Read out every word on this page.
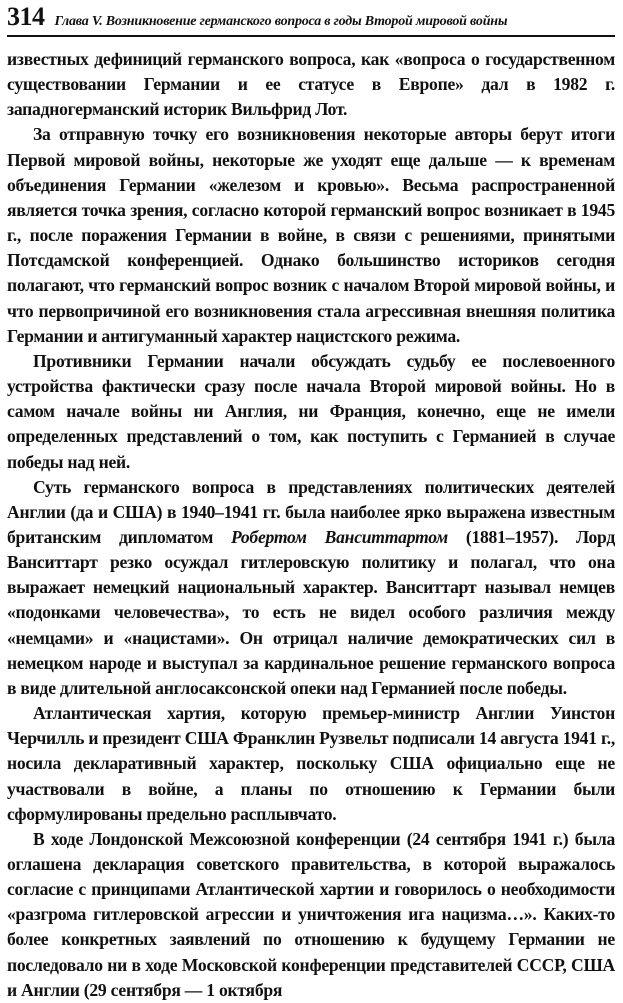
314 Глава V. Возникновение германского вопроса в годы Второй мировой войны

известных дефиниций германского вопроса, как «вопроса о государственном существовании Германии и ее статусе в Европе» дал в 1982 г. западногерманский историк Вильфрид Лот.

За отправную точку его возникновения некоторые авторы берут итоги Первой мировой войны, некоторые же уходят еще дальше — к временам объединения Германии «железом и кровью». Весьма распространенной является точка зрения, согласно которой германский вопрос возникает в 1945 г., после поражения Германии в войне, в связи с решениями, принятыми Потсдамской конференцией. Однако большинство историков сегодня полагают, что германский вопрос возник с началом Второй мировой войны, и что первопричиной его возникновения стала агрессивная внешняя политика Германии и антигуманный характер нацистского режима.

Противники Германии начали обсуждать судьбу ее послевоенного устройства фактически сразу после начала Второй мировой войны. Но в самом начале войны ни Англия, ни Франция, конечно, еще не имели определенных представлений о том, как поступить с Германией в случае победы над ней.

Суть германского вопроса в представлениях политических деятелей Англии (да и США) в 1940–1941 гг. была наиболее ярко выражена известным британским дипломатом Робертом Ванситтартом (1881–1957). Лорд Ванситтарт резко осуждал гитлеровскую политику и полагал, что она выражает немецкий национальный характер. Ванситтарт называл немцев «подонками человечества», то есть не видел особого различия между «немцами» и «нацистами». Он отрицал наличие демократических сил в немецком народе и выступал за кардинальное решение германского вопроса в виде длительной англосаксонской опеки над Германией после победы.

Атлантическая хартия, которую премьер-министр Англии Уинстон Черчилль и президент США Франклин Рузвельт подписали 14 августа 1941 г., носила декларативный характер, поскольку США официально еще не участвовали в войне, а планы по отношению к Германии были сформулированы предельно расплывчато.

В ходе Лондонской Межсоюзной конференции (24 сентября 1941 г.) была оглашена декларация советского правительства, в которой выражалось согласие с принципами Атлантической хартии и говорилось о необходимости «разгрома гитлеровской агрессии и уничтожения ига нацизма…». Каких-то более конкретных заявлений по отношению к будущему Германии не последовало ни в ходе Московской конференции представителей СССР, США и Англии (29 сентября — 1 октября
